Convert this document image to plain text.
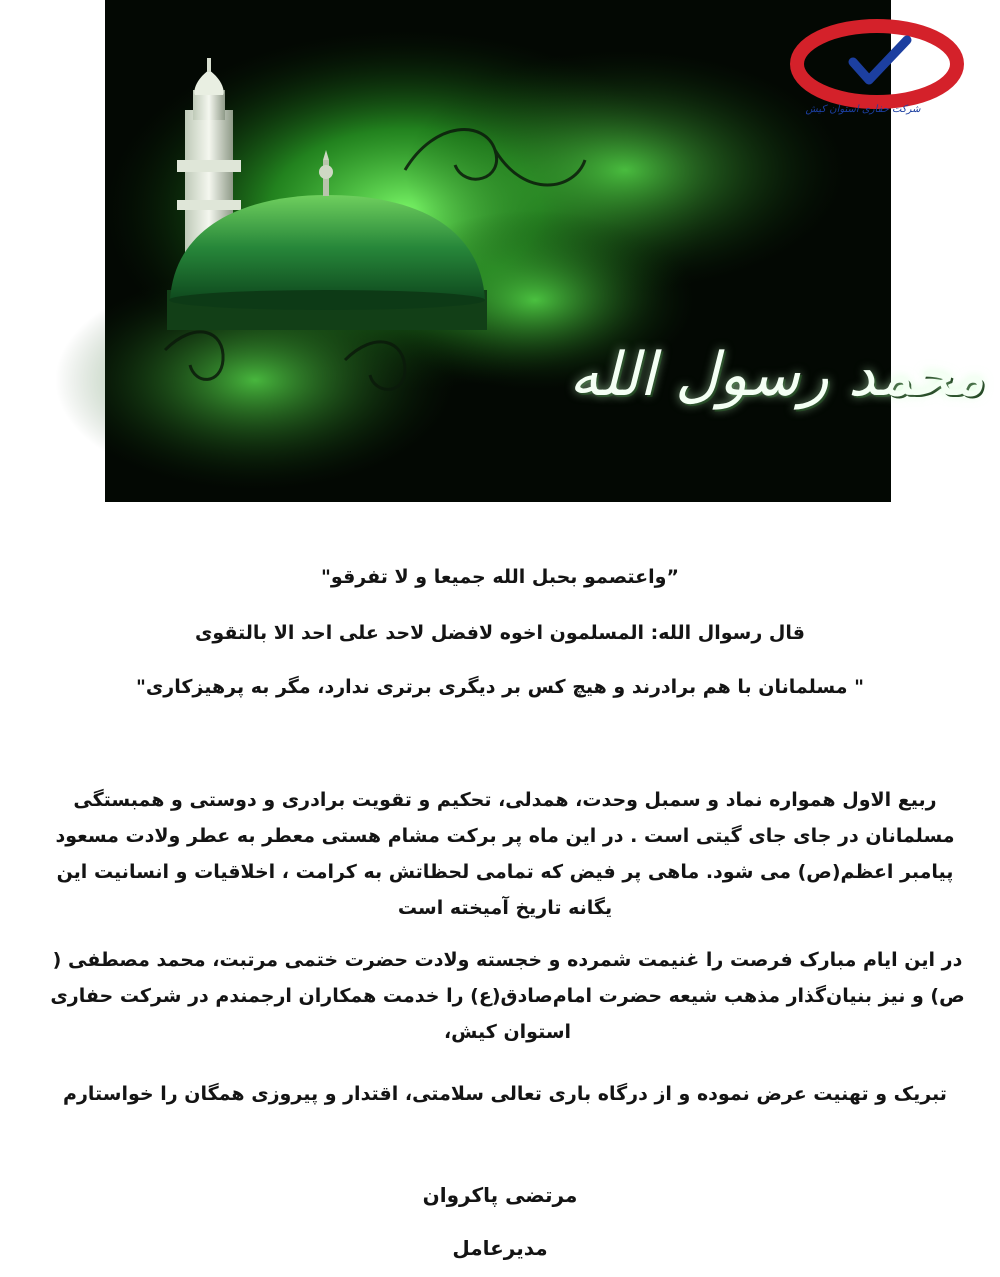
شرکت حفاری استوان کیش
محمد رسول الله
”واعتصمو بحبل الله جمیعا و لا تفرقو"
قال رسوال الله: المسلمون اخوه لافضل لاحد علی احد الا بالتقوی
" مسلمانان با هم برادرند و هیچ کس بر دیگری برتری ندارد، مگر به پرهیزکاری"
ربیع الاول همواره نماد و سمبل وحدت، همدلی، تحکیم و تقویت برادری و دوستی و همبستگی مسلمانان در جای جای گیتی است . در این ماه پر برکت مشام هستی معطر به عطر ولادت مسعود پیامبر اعظم(ص) می شود. ماهی پر فیض که تمامی لحظاتش به کرامت ، اخلاقیات و انسانیت این یگانه تاریخ آمیخته است
در این ایام مبارک فرصت را غنیمت شمرده و خجسته ولادت حضرت ختمی مرتبت، محمد مصطفی ( ص) و نیز بنیان‌گذار مذهب شیعه حضرت امام‌صادق(ع) را خدمت همکاران ارجمندم در شرکت حفاری استوان کیش،
تبریک و تهنیت عرض نموده و از درگاه باری تعالی سلامتی، اقتدار و پیروزی همگان را خواستارم
مرتضی پاکروان
مدیرعامل
